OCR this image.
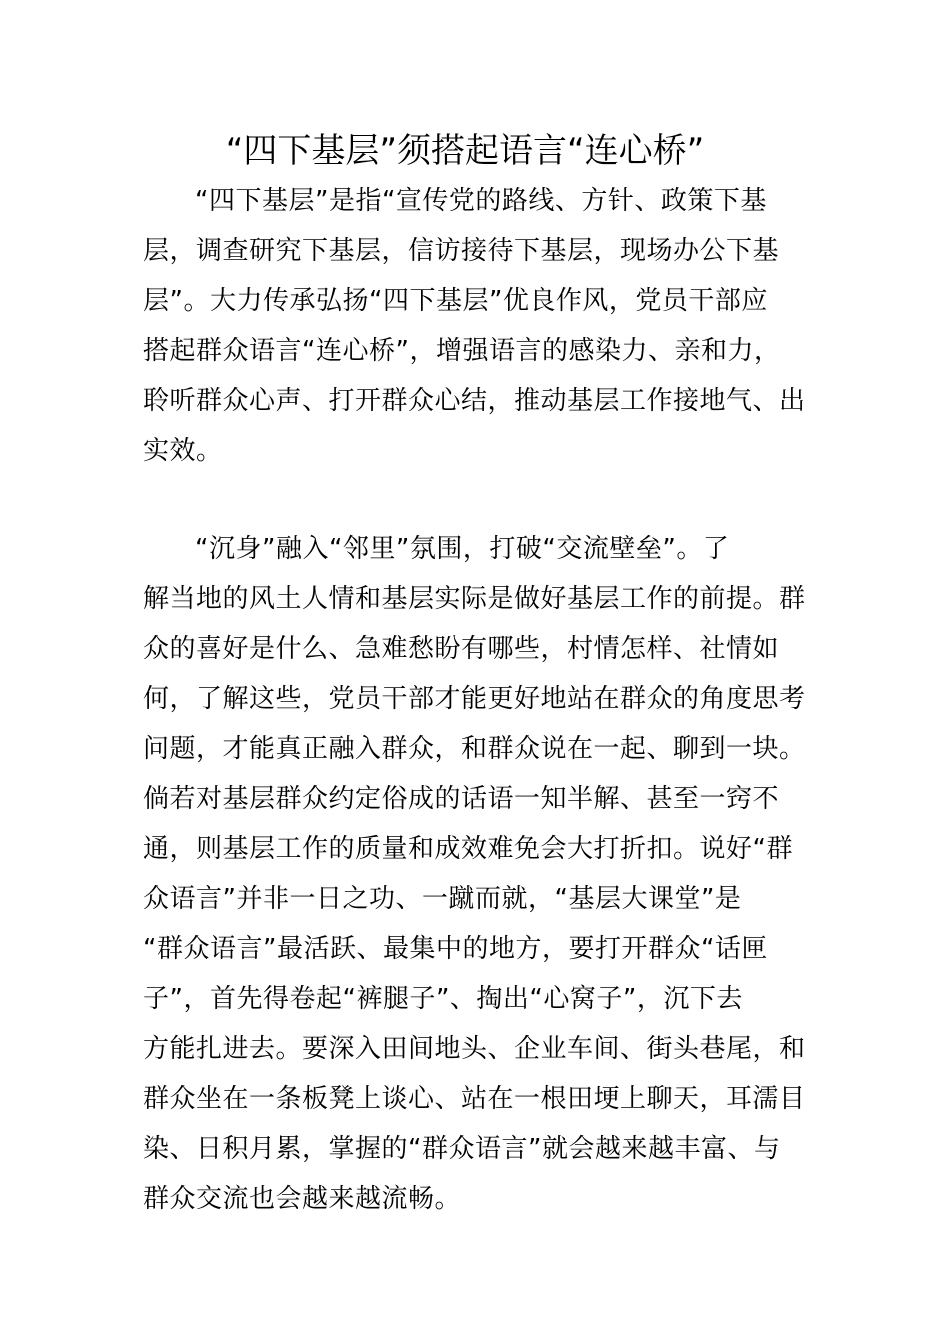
“四下基层”须搭起语言“连心桥”
“四下基层”是指“宣传党的路线、方针、政策下基
层，调查研究下基层，信访接待下基层，现场办公下基
层”。大力传承弘扬“四下基层”优良作风，党员干部应
搭起群众语言“连心桥”，增强语言的感染力、亲和力，
聆听群众心声、打开群众心结，推动基层工作接地气、出
实效。
“沉身”融入“邻里”氛围，打破“交流壁垒”。了
解当地的风土人情和基层实际是做好基层工作的前提。群
众的喜好是什么、急难愁盼有哪些，村情怎样、社情如
何，了解这些，党员干部才能更好地站在群众的角度思考
问题，才能真正融入群众，和群众说在一起、聊到一块。
倘若对基层群众约定俗成的话语一知半解、甚至一窍不
通，则基层工作的质量和成效难免会大打折扣。说好“群
众语言”并非一日之功、一蹴而就，“基层大课堂”是
“群众语言”最活跃、最集中的地方，要打开群众“话匣
子”，首先得卷起“裤腿子”、掏出“心窝子”，沉下去
方能扎进去。要深入田间地头、企业车间、街头巷尾，和
群众坐在一条板凳上谈心、站在一根田埂上聊天，耳濡目
染、日积月累，掌握的“群众语言”就会越来越丰富、与
群众交流也会越来越流畅。
